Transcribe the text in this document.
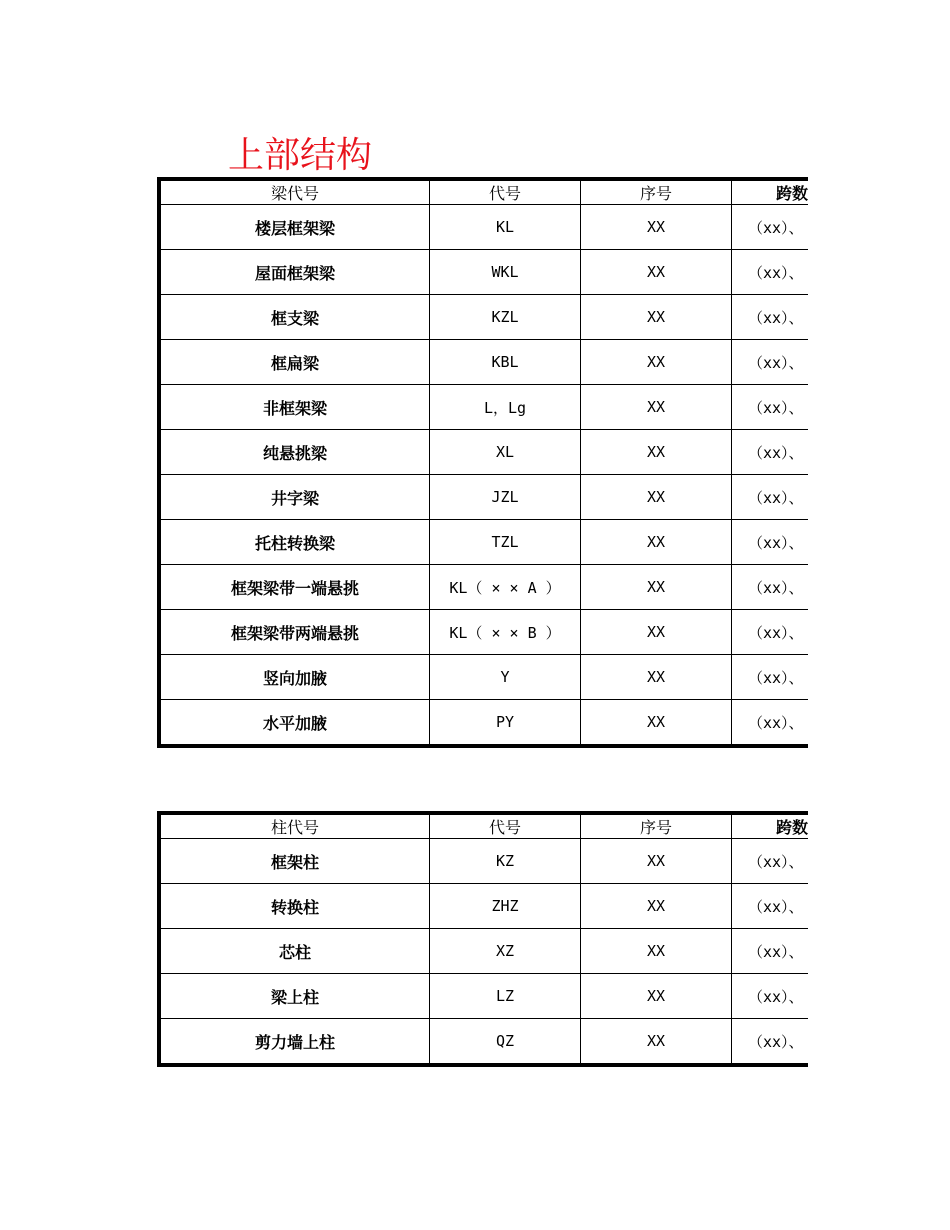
上部结构
梁代号	代号	序号	跨数
楼层框架梁	KL	XX	（xx）、
屋面框架梁	WKL	XX	（xx）、
框支梁	KZL	XX	（xx）、
框扁梁	KBL	XX	（xx）、
非框架梁	L，Lg	XX	（xx）、
纯悬挑梁	XL	XX	（xx）、
井字梁	JZL	XX	（xx）、
托柱转换梁	TZL	XX	（xx）、
框架梁带一端悬挑	KL（ × × A ）	XX	（xx）、
框架梁带两端悬挑	KL（ × × B ）	XX	（xx）、
竖向加腋	Y	XX	（xx）、
水平加腋	PY	XX	（xx）、
柱代号	代号	序号	跨数
框架柱	KZ	XX	（xx）、
转换柱	ZHZ	XX	（xx）、
芯柱	XZ	XX	（xx）、
梁上柱	LZ	XX	（xx）、
剪力墙上柱	QZ	XX	（xx）、
